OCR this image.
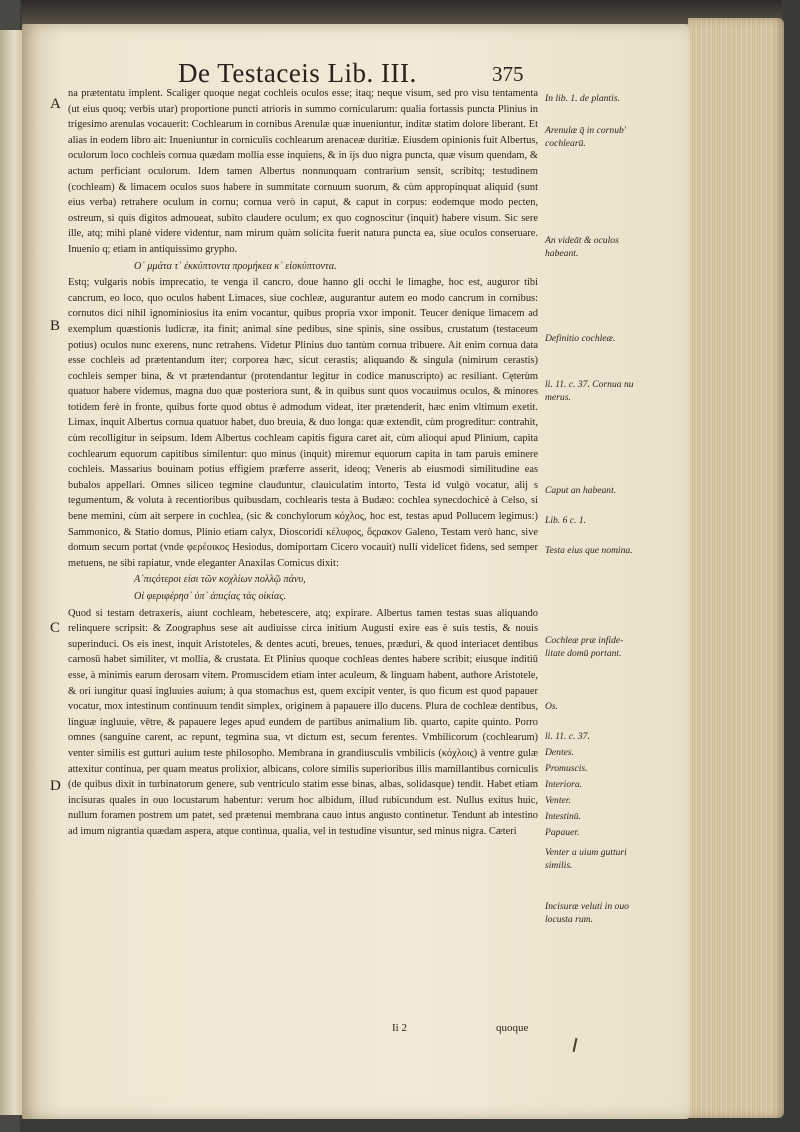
De Testaceis Lib. III.	375
A
B
C
D

na prætentatu implent. Scaliger quoque negat cochleis oculos esse; itaq; neque visum, sed pro visu tentamenta (ut eius quoq; verbis utar) proportione puncti atrioris in summo cornicularum: qualia fortassis puncta Plinius in trigesimo arenulas vocauerit: Cochlearum in cornibus Arenulæ quæ inueniuntur, inditæ statim dolore liberant. Et alias in eodem libro ait: Inueniuntur in corniculis cochlearum arenaceæ duritiæ. Eiusdem opinionis fuit Albertus, oculorum loco cochleis cornua quædam mollia esse inquiens, & in ijs duo nigra puncta, quæ visum quendam, & actum perficiant oculorum. Idem tamen Albertus nonnunquam contrarium sensit, scribitq; testudinem (cochleam) & limacem oculos suos habere in summitate cornuum suorum, & cùm appropinquat aliquid (sunt eius verba) retrahere oculum in cornu; cornua verò in caput, & caput in corpus: eodemque modo pecten, ostreum, si quis digitos admoueat, subito claudere oculum; ex quo cognoscitur (inquit) habere visum. Sic sere ille, atq; mihi planè videre videntur, nam mirum quàm solicita fuerit natura puncta ea, siue oculos conseruare. Inuenio q; etiam in antiquissimo grypho.

Ο᾽ μμάτα τ᾽ ἐκκύπτοντα προμήκεα κ᾽ εἰσκύπτοντα.

Estq; vulgaris nobis imprecatio, te venga il cancro, doue hanno gli occhi le limaghe, hoc est, auguror tibi cancrum, eo loco, quo oculos habent Limaces, siue cochleæ, augurantur autem eo modo cancrum in cornibus: cornutos dici nihil ignominiosius ita enim vocantur, quibus propria vxor imponit. Teucer denique limacem ad exemplum quæstionis ludicræ, ita finit; animal sine pedibus, sine spinis, sine ossibus, crustatum (testaceum potius) oculos nunc exerens, nunc retrahens. Videtur Plinius duo tantùm cornua tribuere. Ait enim cornua data esse cochleis ad prætentandum iter; corporea hæc, sicut cerastis; aliquando & singula (nimirum cerastis) cochleis semper bina, & vt prætendantur (protendantur legitur in codice manuscripto) ac resiliant. Cęterùm quatuor habere videmus, magna duo quæ posteriora sunt, & in quibus sunt quos vocauimus oculos, & minores totidem ferè in fronte, quibus forte quod obtus è admodum videat, iter prætenderit, hæc enim vltimum exetit. Limax, inquit Albertus cornua quatuor habet, duo breuia, & duo longa: quæ extendit, cùm progreditur: contrahit, cùm recolligitur in seipsum. Idem Albertus cochleam capitis figura caret ait, cùm alioqui apud Plinium, capita cochlearum equorum capitibus similentur: quo minus (inquit) miremur equorum capita in tam paruis eminere cochleis. Massarius bouinam potius effigiem præferre asserit, ideoq; Veneris ab eiusmodi similitudine eas bubalos appellari. Omnes siliceo tegmine clauduntur, clauiculatim intorto, Testa id vulgò vocatur, alij s tegumentum, & voluta à recentioribus quibusdam, cochlearis testa à Budæo: cochlea synecdochicè à Celso, si bene memini, cùm ait serpere in cochlea, (sic & conchylorum κόχλος, hoc est, testas apud Pollucem legimus:) Sammonico, & Statio domus, Plinio etiam calyx, Dioscoridi κέλυφος, ὄςρακον Galeno, Testam verò hanc, sive domum secum portat (vnde φερέοικος Hesiodus, domiportam Cicero vocauit) nulli videlicet fidens, sed semper metuens, ne sibi rapiatur, vnde eleganter Anaxilas Comicus dixit:

Α᾽πιςότεροι εἰσι τῶν κοχλίων πολλῷ πάνυ,

Οἱ φεριφέρησ᾽ ὑπ᾽ ἀπιςίας τὰς οἰκίας.

Quod si testam detraxeris, aiunt cochleam, hebetescere, atq; expirare. Albertus tamen testas suas aliquando relinquere scripsit: & Zoographus sese ait audiuisse circa initium Augusti exire eas è suis testis, & nouis superinduci. Os eis inest, inquit Aristoteles, & dentes acuti, breues, tenues, præduri, & quod interiacet dentibus carnosū habet similiter, vt mollia, & crustata. Et Plinius quoque cochleas dentes habere scribit; eiusque inditiū esse, à minimis earum derosam vitem. Promuscidem etiam inter aculeum, & linguam habent, authore Aristotele, & ori iungitur quasi ingluuies auium; à qua stomachus est, quem excipit venter, is quo ficum est quod papauer vocatur, mox intestinum continuum tendit simplex, originem à papauere illo ducens. Plura de cochleæ dentibus, linguæ ingluuie, vētre, & papauere leges apud eundem de partibus animalium lib. quarto, capite quinto. Porro omnes (sanguine carent, ac repunt, tegmina sua, vt dictum est, secum ferentes. Vmbilicorum (cochlearum) venter similis est gutturi auium teste philosopho. Membrana in grandiusculis vmbilicis (κόχλοις) à ventre gulæ attexitur continua, per quam meatus prolixior, albicans, colore similis superioribus illis mamillantibus corniculis (de quibus dixit in turbinatorum genere, sub ventriculo statim esse binas, albas, solidasque) tendit. Habet etiam incisuras quales in ouo locustarum habentur: verum hoc albidum, illud rubicundum est. Nullus exitus huic, nullum foramen postrem um patet, sed prætenui membrana cauo intus angusto continetur. Tendunt ab intestino ad imum nigrantia quædam aspera, atque continua, qualia, vel in testudine visuntur, sed minus nigra. Cæteri

In lib. 1. de plantis.
Arenulæ q̄ in cornub' cochlearū.
An videāt & oculos habeant.
Definitio cochleæ.
li. 11. c. 37. Cornua nu merus.
Caput an habeant.
Lib. 6 c. 1.
Testa eius que nomina.
Cochleæ præ infide- litate domū portant.
Os.
li. 11. c. 37.
Dentes.
Promuscis.
Interiora.
Venter.
Intestinū.
Papauer.
Venter a uium gutturi similis.
Incisuræ veluti in ouo locusta rum.
Ii 2	quoque
